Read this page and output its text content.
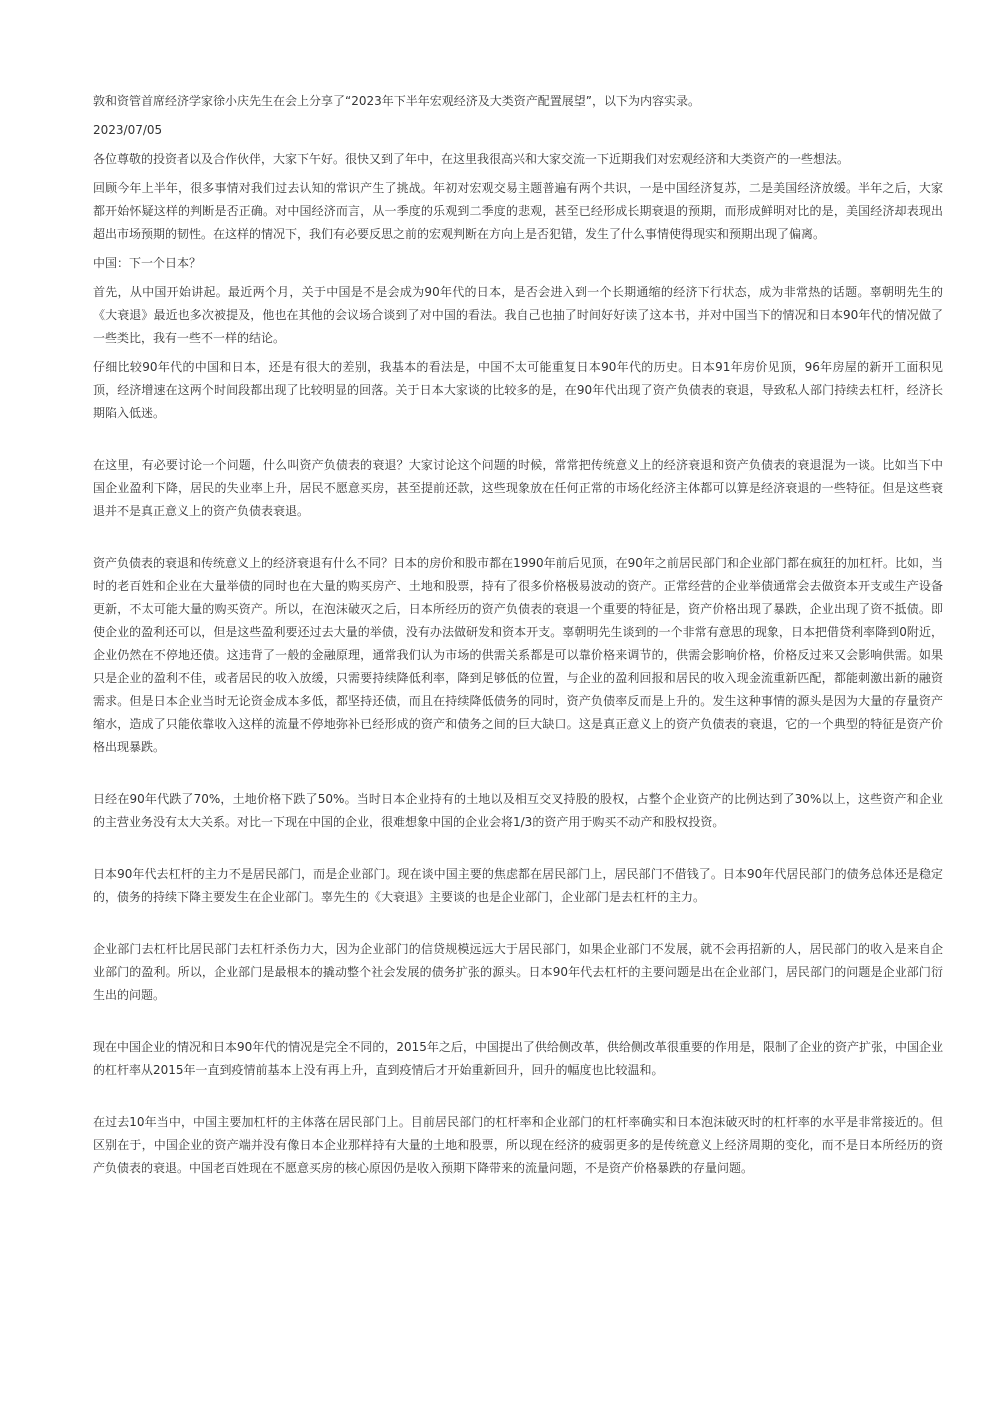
敦和资管首席经济学家徐小庆先生在会上分享了“2023年下半年宏观经济及大类资产配置展望”，以下为内容实录。

2023/07/05

各位尊敬的投资者以及合作伙伴，大家下午好。很快又到了年中，在这里我很高兴和大家交流一下近期我们对宏观经济和大类资产的一些想法。

回顾今年上半年，很多事情对我们过去认知的常识产生了挑战。年初对宏观交易主题普遍有两个共识，一是中国经济复苏，二是美国经济放缓。半年之后，大家都开始怀疑这样的判断是否正确。对中国经济而言，从一季度的乐观到二季度的悲观，甚至已经形成长期衰退的预期，而形成鲜明对比的是，美国经济却表现出超出市场预期的韧性。在这样的情况下，我们有必要反思之前的宏观判断在方向上是否犯错，发生了什么事情使得现实和预期出现了偏离。

中国：下一个日本？

首先，从中国开始讲起。最近两个月，关于中国是不是会成为90年代的日本，是否会进入到一个长期通缩的经济下行状态，成为非常热的话题。辜朝明先生的《大衰退》最近也多次被提及，他也在其他的会议场合谈到了对中国的看法。我自己也抽了时间好好读了这本书，并对中国当下的情况和日本90年代的情况做了一些类比，我有一些不一样的结论。

仔细比较90年代的中国和日本，还是有很大的差别，我基本的看法是，中国不太可能重复日本90年代的历史。日本91年房价见顶，96年房屋的新开工面积见顶，经济增速在这两个时间段都出现了比较明显的回落。关于日本大家谈的比较多的是，在90年代出现了资产负债表的衰退，导致私人部门持续去杠杆，经济长期陷入低迷。

在这里，有必要讨论一个问题，什么叫资产负债表的衰退？大家讨论这个问题的时候，常常把传统意义上的经济衰退和资产负债表的衰退混为一谈。比如当下中国企业盈利下降，居民的失业率上升，居民不愿意买房，甚至提前还款，这些现象放在任何正常的市场化经济主体都可以算是经济衰退的一些特征。但是这些衰退并不是真正意义上的资产负债表衰退。

资产负债表的衰退和传统意义上的经济衰退有什么不同？日本的房价和股市都在1990年前后见顶，在90年之前居民部门和企业部门都在疯狂的加杠杆。比如，当时的老百姓和企业在大量举债的同时也在大量的购买房产、土地和股票，持有了很多价格极易波动的资产。正常经营的企业举债通常会去做资本开支或生产设备更新，不太可能大量的购买资产。所以，在泡沫破灭之后，日本所经历的资产负债表的衰退一个重要的特征是，资产价格出现了暴跌，企业出现了资不抵债。即使企业的盈利还可以，但是这些盈利要还过去大量的举债，没有办法做研发和资本开支。辜朝明先生谈到的一个非常有意思的现象，日本把借贷利率降到0附近，企业仍然在不停地还债。这违背了一般的金融原理，通常我们认为市场的供需关系都是可以靠价格来调节的，供需会影响价格，价格反过来又会影响供需。如果只是企业的盈利不佳，或者居民的收入放缓，只需要持续降低利率，降到足够低的位置，与企业的盈利回报和居民的收入现金流重新匹配，都能刺激出新的融资需求。但是日本企业当时无论资金成本多低，都坚持还债，而且在持续降低债务的同时，资产负债率反而是上升的。发生这种事情的源头是因为大量的存量资产缩水，造成了只能依靠收入这样的流量不停地弥补已经形成的资产和债务之间的巨大缺口。这是真正意义上的资产负债表的衰退，它的一个典型的特征是资产价格出现暴跌。

日经在90年代跌了70%，土地价格下跌了50%。当时日本企业持有的土地以及相互交叉持股的股权，占整个企业资产的比例达到了30%以上，这些资产和企业的主营业务没有太大关系。对比一下现在中国的企业，很难想象中国的企业会将1/3的资产用于购买不动产和股权投资。

日本90年代去杠杆的主力不是居民部门，而是企业部门。现在谈中国主要的焦虑都在居民部门上，居民部门不借钱了。日本90年代居民部门的债务总体还是稳定的，债务的持续下降主要发生在企业部门。辜先生的《大衰退》主要谈的也是企业部门，企业部门是去杠杆的主力。

企业部门去杠杆比居民部门去杠杆杀伤力大，因为企业部门的信贷规模远远大于居民部门，如果企业部门不发展，就不会再招新的人，居民部门的收入是来自企业部门的盈利。所以，企业部门是最根本的撬动整个社会发展的债务扩张的源头。日本90年代去杠杆的主要问题是出在企业部门，居民部门的问题是企业部门衍生出的问题。

现在中国企业的情况和日本90年代的情况是完全不同的，2015年之后，中国提出了供给侧改革，供给侧改革很重要的作用是，限制了企业的资产扩张，中国企业的杠杆率从2015年一直到疫情前基本上没有再上升，直到疫情后才开始重新回升，回升的幅度也比较温和。

在过去10年当中，中国主要加杠杆的主体落在居民部门上。目前居民部门的杠杆率和企业部门的杠杆率确实和日本泡沫破灭时的杠杆率的水平是非常接近的。但区别在于，中国企业的资产端并没有像日本企业那样持有大量的土地和股票，所以现在经济的疲弱更多的是传统意义上经济周期的变化，而不是日本所经历的资产负债表的衰退。中国老百姓现在不愿意买房的核心原因仍是收入预期下降带来的流量问题，不是资产价格暴跌的存量问题。
